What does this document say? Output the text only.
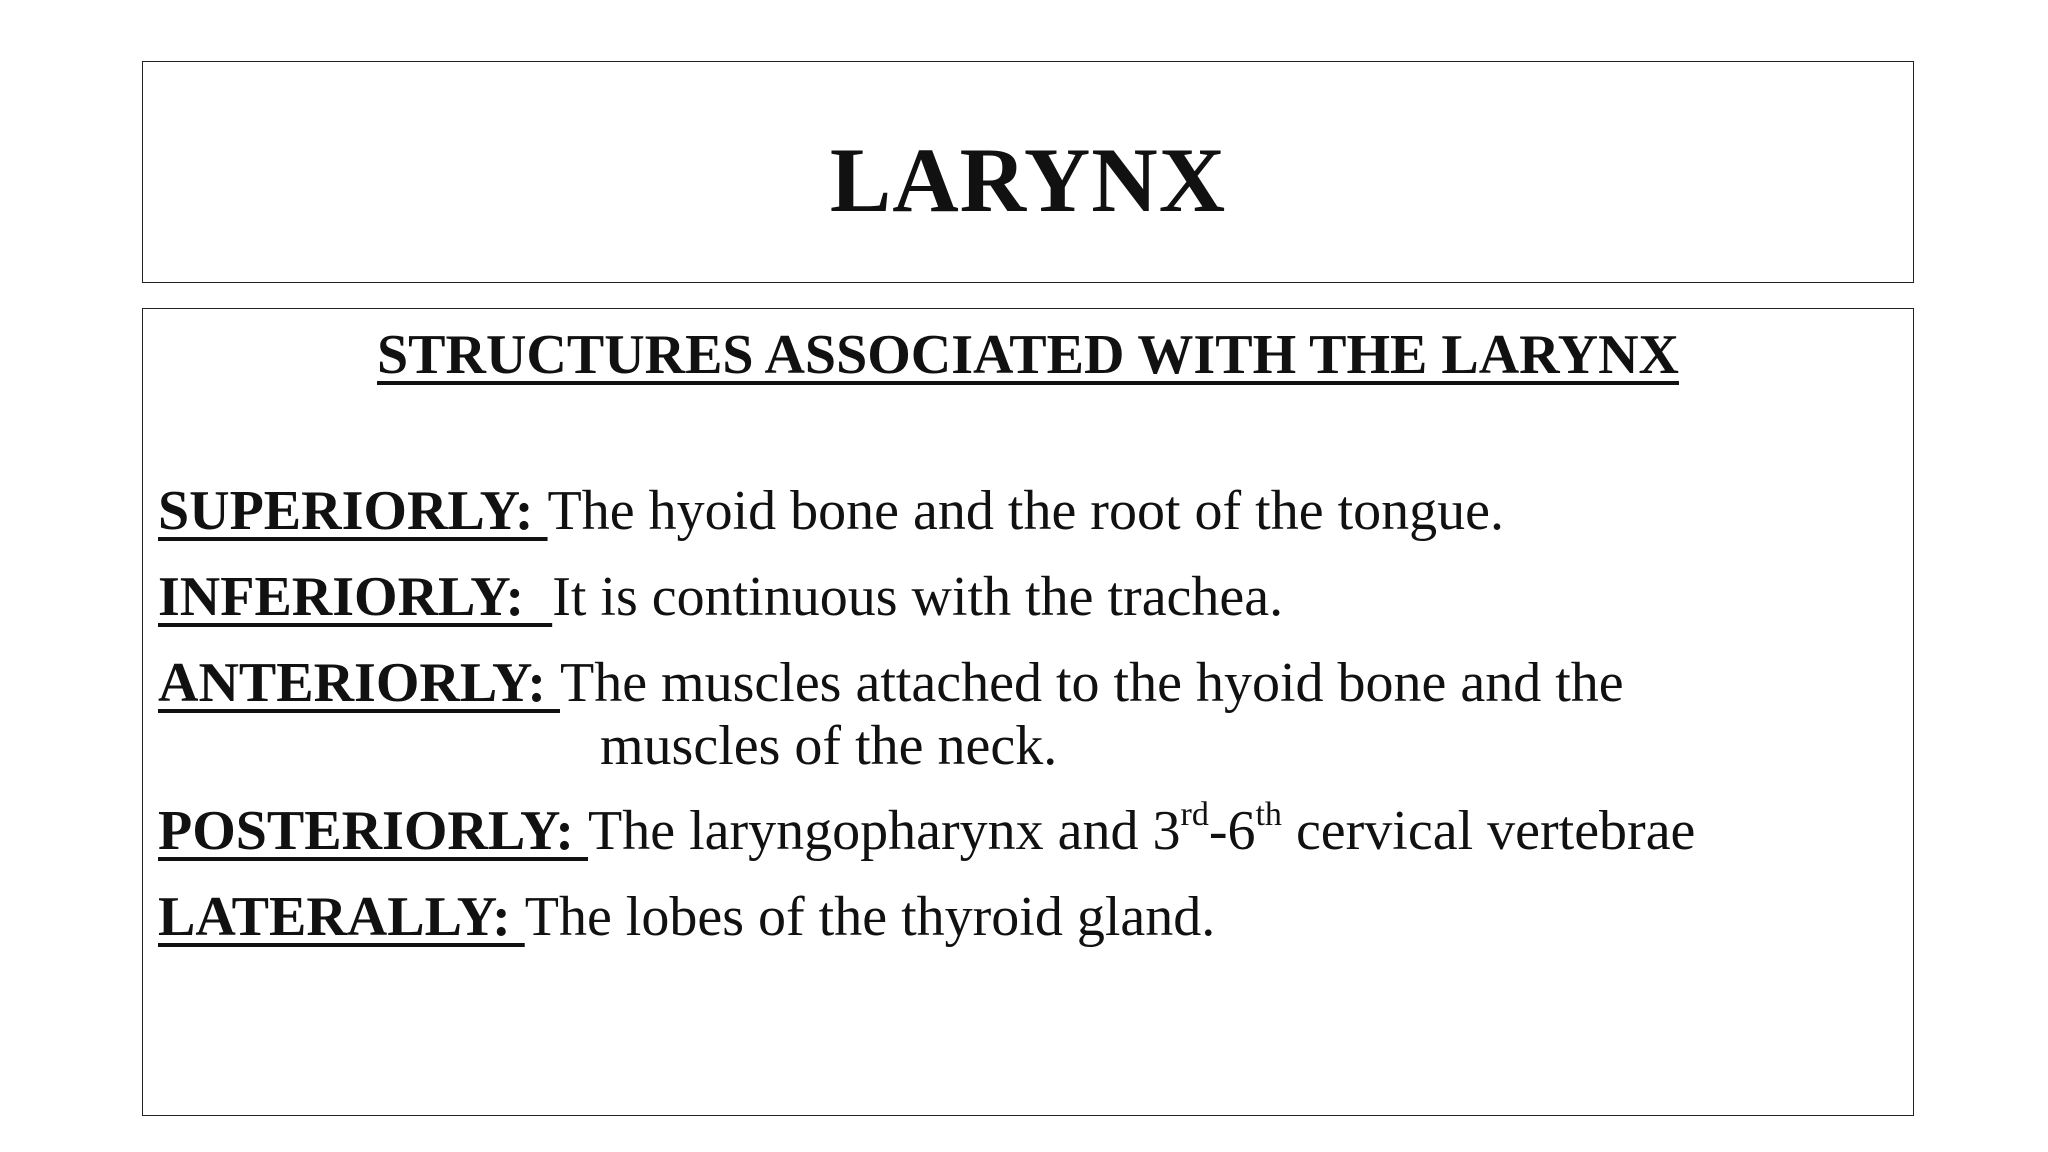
LARYNX
STRUCTURES ASSOCIATED WITH THE LARYNX
SUPERIORLY: The hyoid bone and the root of the tongue.
INFERIORLY:  It is continuous with the trachea.
ANTERIORLY: The muscles attached to the hyoid bone and the
muscles of the neck.
POSTERIORLY: The laryngopharynx and 3rd-6th cervical vertebrae
LATERALLY: The lobes of the thyroid gland.
